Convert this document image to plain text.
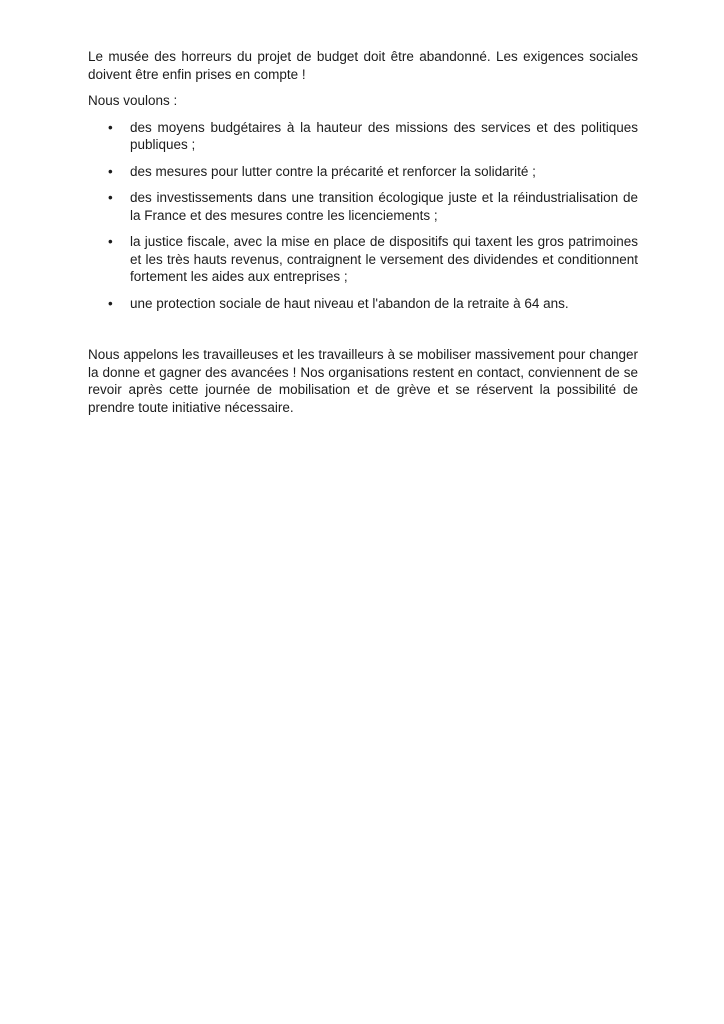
Le musée des horreurs du projet de budget doit être abandonné. Les exigences sociales doivent être enfin prises en compte !

Nous voulons :

• des moyens budgétaires à la hauteur des missions des services et des politiques publiques ;
• des mesures pour lutter contre la précarité et renforcer la solidarité ;
• des investissements dans une transition écologique juste et la réindustrialisation de la France et des mesures contre les licenciements ;
• la justice fiscale, avec la mise en place de dispositifs qui taxent les gros patrimoines et les très hauts revenus, contraignent le versement des dividendes et conditionnent fortement les aides aux entreprises ;
• une protection sociale de haut niveau et l'abandon de la retraite à 64 ans.

Nous appelons les travailleuses et les travailleurs à se mobiliser massivement pour changer la donne et gagner des avancées ! Nos organisations restent en contact, conviennent de se revoir après cette journée de mobilisation et de grève et se réservent la possibilité de prendre toute initiative nécessaire.
